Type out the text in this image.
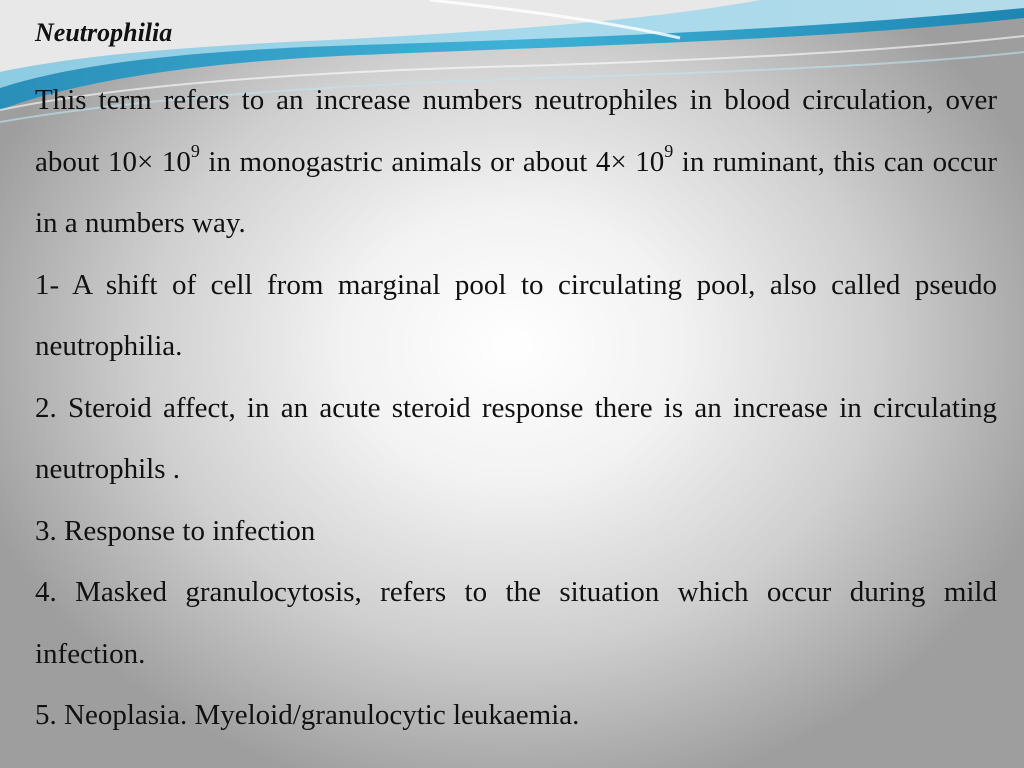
Neutrophilia

This term refers to an increase numbers neutrophiles in blood circulation, over about $10\times 10^9$ in monogastric animals or about $4\times 10^9$ in ruminant, this can occur in a numbers way.

1- A shift of cell from marginal pool to circulating pool, also called pseudo neutrophilia.

2. Steroid affect, in an acute steroid response there is an increase in circulating neutrophils .

3. Response to infection

4. Masked granulocytosis, refers to the situation which occur during mild infection.

5. Neoplasia. Myeloid/granulocytic leukaemia.
